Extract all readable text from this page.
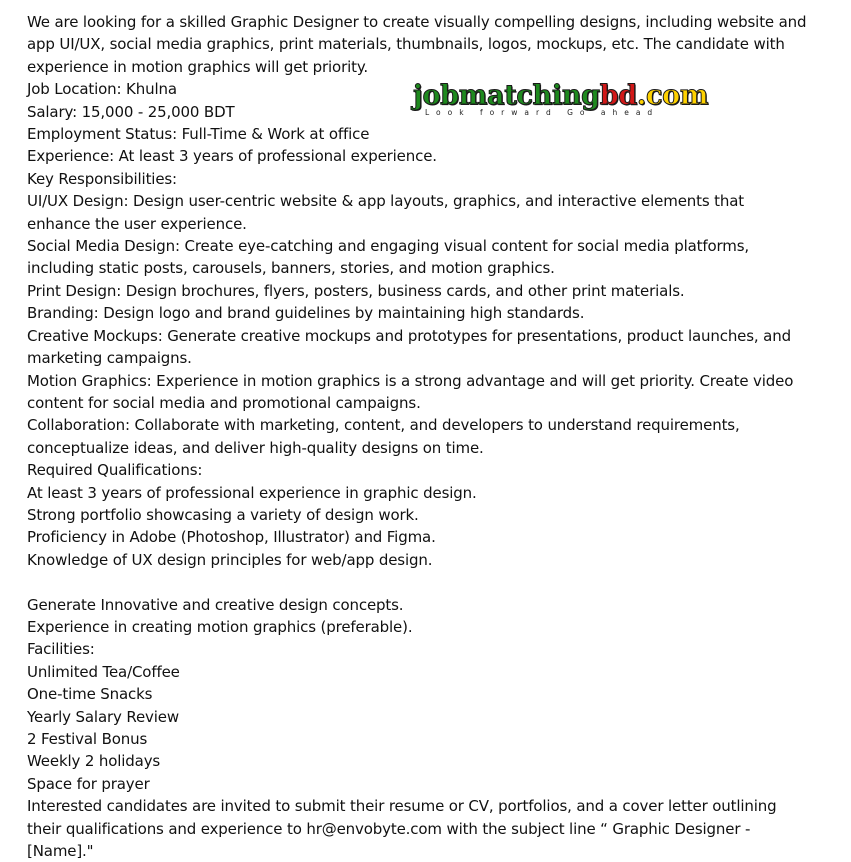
We are looking for a skilled Graphic Designer to create visually compelling designs, including website and
app UI/UX, social media graphics, print materials, thumbnails, logos, mockups, etc. The candidate with
experience in motion graphics will get priority.
Job Location: Khulna
Salary: 15,000 - 25,000 BDT
Employment Status: Full-Time & Work at office
Experience: At least 3 years of professional experience.
Key Responsibilities:
UI/UX Design: Design user-centric website & app layouts, graphics, and interactive elements that
enhance the user experience.
Social Media Design: Create eye-catching and engaging visual content for social media platforms,
including static posts, carousels, banners, stories, and motion graphics.
Print Design: Design brochures, flyers, posters, business cards, and other print materials.
Branding: Design logo and brand guidelines by maintaining high standards.
Creative Mockups: Generate creative mockups and prototypes for presentations, product launches, and
marketing campaigns.
Motion Graphics: Experience in motion graphics is a strong advantage and will get priority. Create video
content for social media and promotional campaigns.
Collaboration: Collaborate with marketing, content, and developers to understand requirements,
conceptualize ideas, and deliver high-quality designs on time.
Required Qualifications:
At least 3 years of professional experience in graphic design.
Strong portfolio showcasing a variety of design work.
Proficiency in Adobe (Photoshop, Illustrator) and Figma.
Knowledge of UX design principles for web/app design.
Generate Innovative and creative design concepts.
Experience in creating motion graphics (preferable).
Facilities:
Unlimited Tea/Coffee
One-time Snacks
Yearly Salary Review
2 Festival Bonus
Weekly 2 holidays
Space for prayer
Interested candidates are invited to submit their resume or CV, portfolios, and a cover letter outlining
their qualifications and experience to hr@envobyte.com with the subject line “ Graphic Designer -
[Name]."
jobmatchingbd.com
Look forward Go ahead
